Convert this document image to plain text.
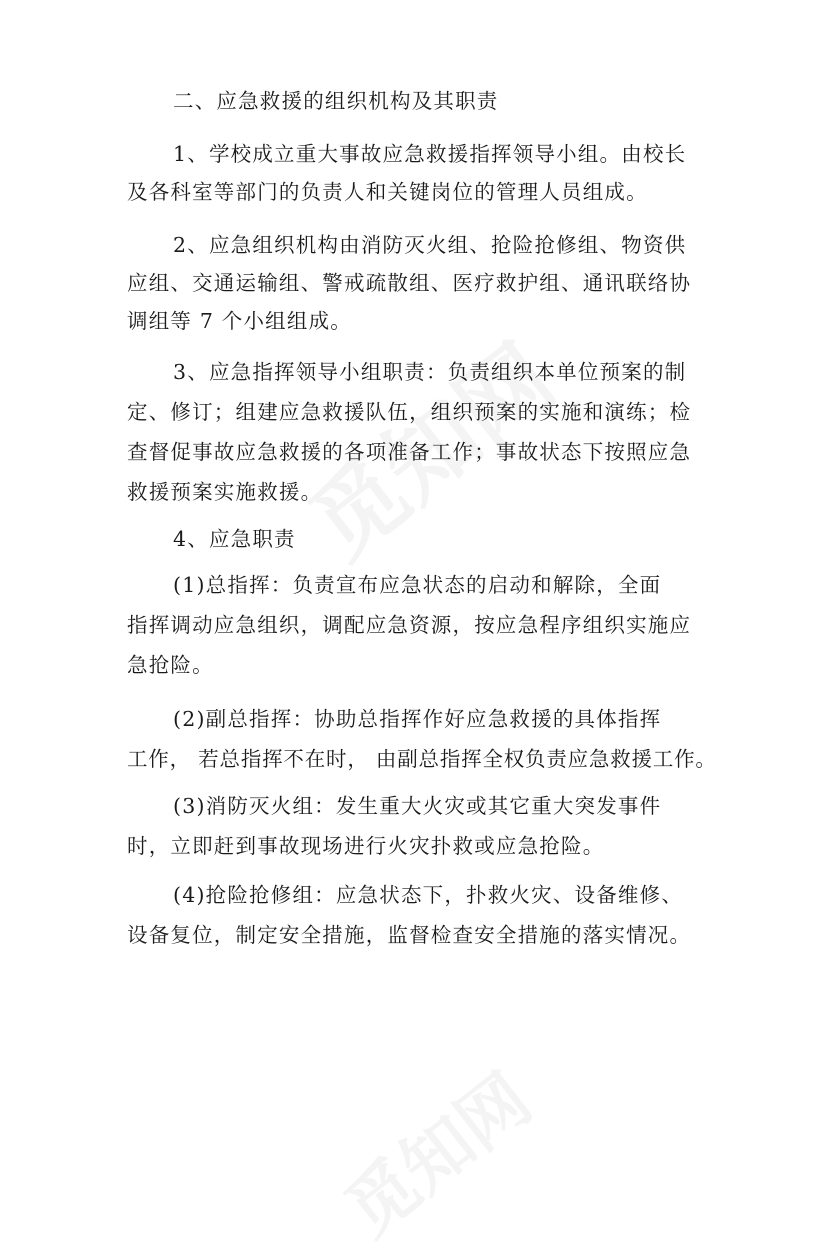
二、应急救援的组织机构及其职责
1、学校成立重大事故应急救援指挥领导小组。由校长
及各科室等部门的负责人和关键岗位的管理人员组成。
2、应急组织机构由消防灭火组、抢险抢修组、物资供
应组、交通运输组、警戒疏散组、医疗救护组、通讯联络协
调组等 7 个小组组成。
3、应急指挥领导小组职责：负责组织本单位预案的制
定、修订；组建应急救援队伍，组织预案的实施和演练；检
查督促事故应急救援的各项准备工作；事故状态下按照应急
救援预案实施救援。
4、应急职责
(1)总指挥：负责宣布应急状态的启动和解除，全面
指挥调动应急组织，调配应急资源，按应急程序组织实施应
急抢险。
(2)副总指挥：协助总指挥作好应急救援的具体指挥
工作， 若总指挥不在时， 由副总指挥全权负责应急救援工作。
(3)消防灭火组：发生重大火灾或其它重大突发事件
时，立即赶到事故现场进行火灾扑救或应急抢险。
(4)抢险抢修组：应急状态下，扑救火灾、设备维修、
设备复位，制定安全措施，监督检查安全措施的落实情况。
